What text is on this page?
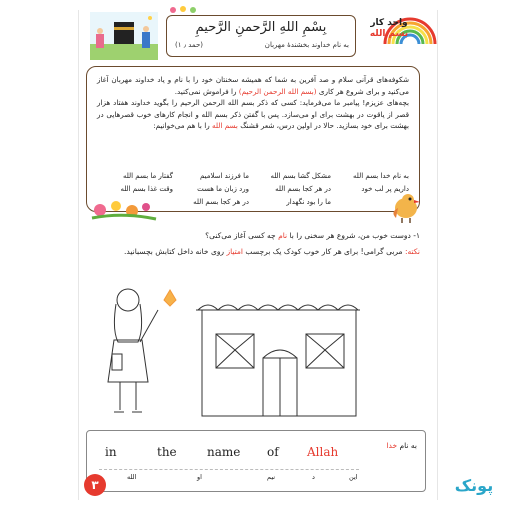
بِسْمِ اللهِ الرَّحمنِ الرَّحیمِ
به نام خداوند بخشندهٔ مهربان
(حمد ٫ ١)
واحد کار
بسم الله
شکوفه‌های قرآنی سلام و صد آفرین به شما که همیشه سخنتان خود را با نام و یاد خداوند مهربان آغاز می‌کنید و برای شروع هر کاری (بسم الله الرحمن الرحیم) را فراموش نمی‌کنید.
بچه‌های عزیزم! پیامبر ما می‌فرماید: کسی که ذکر بسم الله الرحمن الرحیم را بگوید خداوند هفتاد هزار قصر از یاقوت در بهشت برای او می‌سازد. پس با گفتن ذکر بسم الله و انجام کارهای خوب قصرهایی در بهشت برای خود بسازید. حالا در اولین درس، شعر قشنگ بسم الله را با هم می‌خوانیم:
به نام خدا بسم الله
مشکل گشا بسم الله
ما فرزند اسلامیم
گفتار ما بسم الله
داریم پر لب خود
در هر کجا بسم الله
ورد زبان ما هست
وقت غذا بسم الله
ما را بود نگهدار
در هر کجا بسم الله
۱- دوست خوب من، شروع هر سخنی را با نام چه کسی آغاز می‌کنی؟
نکته: مربی گرامی! برای هر کار خوب کودک یک برچسب امتیاز روی خانه داخل کتابش بچسبانید.
به نام خدا
in	the	name of Allah
الله	او	نیم	د	این
۳	پونک
